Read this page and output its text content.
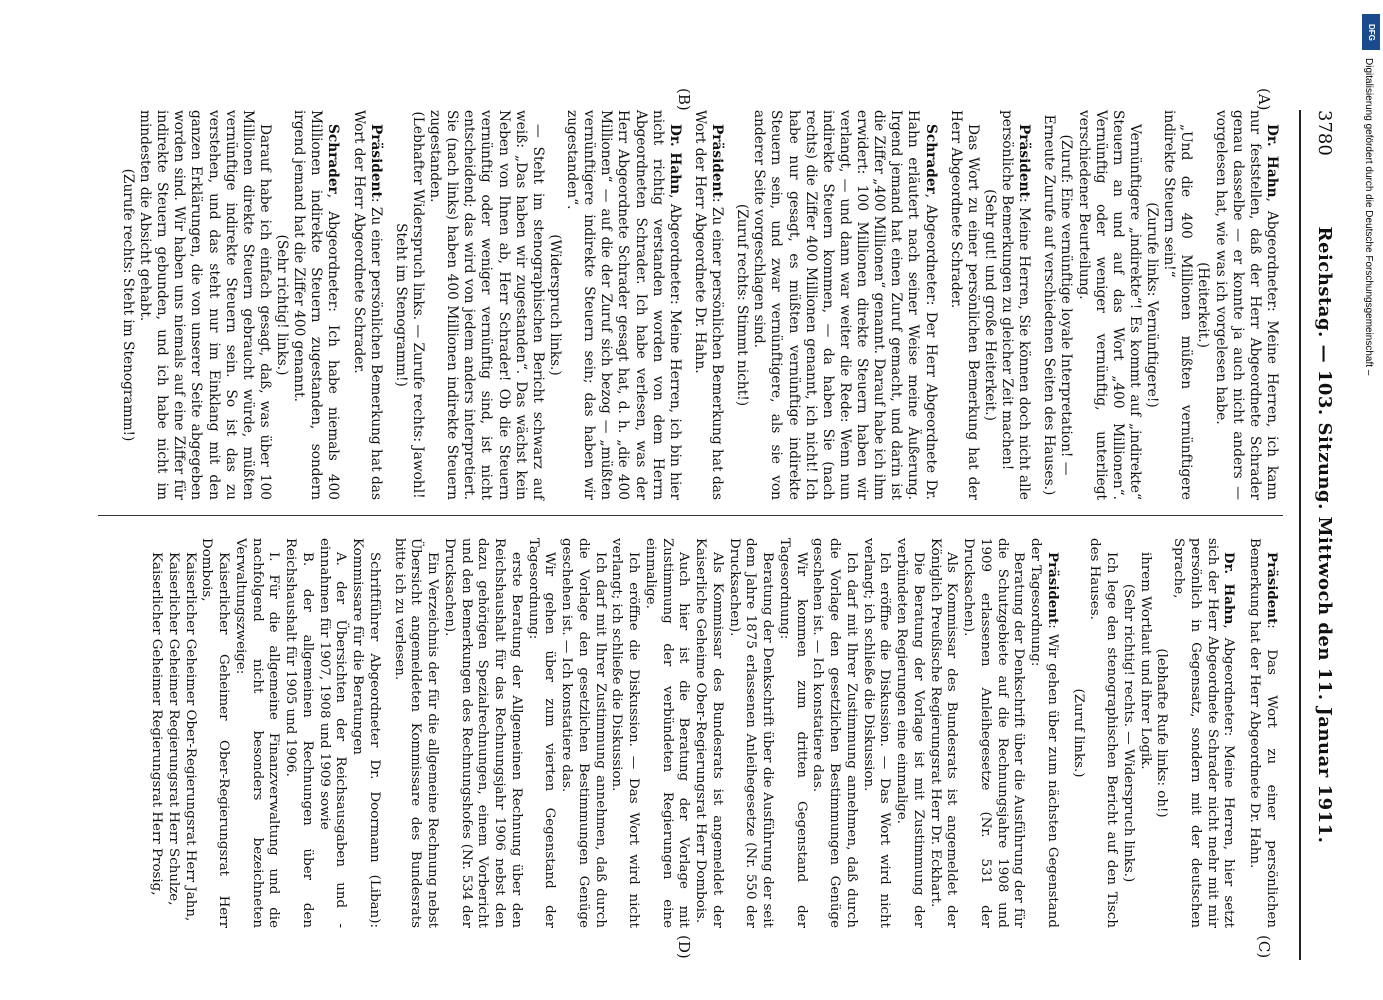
3780
Reichstag. — 103. Sitzung. Mittwoch den 11. Januar 1911.
(A)
(B)
(C)
(D)

Dr. Hahn, Abgeordneter: Meine Herren, ich kann nur feststellen, daß der Herr Abgeordnete Schrader genau dasselbe — er konnte ja auch nicht anders — vorgelesen hat, wie was ich vorgelesen habe.

(Heiterkeit.)

„Und die 400 Millionen müßten vernünftigere indirekte Steuern sein!“

(Zurufe links: Vernünftigere!)

Vernünftigere „indirekte“! Es kommt auf „indirekte“ Steuern an und auf das Wort „400 Millionen“. Vernünftig oder weniger vernünftig, unterliegt verschiedener Beurteilung.

(Zuruf: Eine vernünftige loyale Interpretation! — Erneute Zurufe auf verschiedenen Seiten des Hauses.)

Präsident: Meine Herren, Sie können doch nicht alle persönliche Bemerkungen zu gleicher Zeit machen!

(Sehr gut! und große Heiterkeit.)

Das Wort zu einer persönlichen Bemerkung hat der Herr Abgeordnete Schrader.

Schrader, Abgeordneter: Der Herr Abgeordnete Dr. Hahn erläutert nach seiner Weise meine Äußerung. Irgend jemand hat einen Zuruf gemacht, und darin ist die Ziffer „400 Millionen“ genannt. Darauf habe ich ihm erwidert: 100 Millionen direkte Steuern haben wir verlangt, — und dann war weiter die Rede: Wenn nun indirekte Steuern kommen, — da haben Sie (nach rechts) die Ziffer 400 Millionen genannt, ich nicht! Ich habe nur gesagt, es müßten vernünftige indirekte Steuern sein, und zwar vernünftigere, als sie von anderer Seite vorgeschlagen sind.

(Zuruf rechts: Stimmt nicht!)

Präsident: Zu einer persönlichen Bemerkung hat das Wort der Herr Abgeordnete Dr. Hahn.

Dr. Hahn, Abgeordneter: Meine Herren, ich bin hier nicht richtig verstanden worden von dem Herrn Abgeordneten Schrader. Ich habe verlesen, was der Herr Abgeordnete Schrader gesagt hat, d. h. „die 400 Millionen“ — auf die der Zuruf sich bezog — „müßten vernünftigere indirekte Steuern sein; das haben wir zugestanden“.

(Widerspruch links.)

— Steht im stenographischen Bericht schwarz auf weiß: „Das haben wir zugestanden“. Das wächst kein Neben von Ihnen ab, Herr Schrader! Ob die Steuern vernünftig oder weniger vernünftig sind, ist nicht entscheidend; das wird von jedem anders interpretiert. Sie (nach links) haben 400 Millionen indirekte Steuern zugestanden.

(Lebhafter Widerspruch links. — Zurufe rechts: Jawohl! Steht im Stenogramm!)

Präsident: Zu einer persönlichen Bemerkung hat das Wort der Herr Abgeordnete Schrader.

Schrader, Abgeordneter: Ich habe niemals 400 Millionen indirekte Steuern zugestanden, sondern irgend jemand hat die Ziffer 400 genannt.

(Sehr richtig! links.)

Darauf habe ich einfach gesagt, daß, was über 100 Millionen direkte Steuern gebraucht würde, müßten vernünftige indirekte Steuern sein. So ist das zu verstehen, und das steht nur im Einklang mit den ganzen Erklärungen, die von unserer Seite abgegeben worden sind. Wir haben uns niemals auf eine Ziffer für indirekte Steuern gebunden, und ich habe nicht im mindesten die Absicht gehabt.

(Zurufe rechts: Steht im Stenogramm!)

Präsident: Das Wort zu einer persönlichen Bemerkung hat der Herr Abgeordnete Dr. Hahn.

Dr. Hahn, Abgeordneter: Meine Herren, hier setzt sich der Herr Abgeordnete Schrader nicht mehr mit mir persönlich in Gegensatz, sondern mit der deutschen Sprache,

(lebhafte Rufe links: oh!)

ihrem Wortlaut und ihrer Logik.

(Sehr richtig! rechts. — Widerspruch links.)

Ich lege den stenographischen Bericht auf den Tisch des Hauses.

(Zuruf links.)

Präsident: Wir gehen über zum nächsten Gegenstand der Tagesordnung:

Beratung der Denkschrift über die Ausführung der für die Schutzgebiete auf die Rechnungsjahre 1908 und 1909 erlassenen Anleihegesetze (Nr. 531 der Drucksachen).

Als Kommissar des Bundesrats ist angemeldet der Königlich Preußische Regierungsrat Herr Dr. Eckhart.

Die Beratung der Vorlage ist mit Zustimmung der verbündeten Regierungen eine einmalige.

Ich eröffne die Diskussion. — Das Wort wird nicht verlangt; ich schließe die Diskussion.

Ich darf mit Ihrer Zustimmung annehmen, daß durch die Vorlage den gesetzlichen Bestimmungen Genüge geschehen ist. — Ich konstatiere das.

Wir kommen zum dritten Gegenstand der Tagesordnung:

Beratung der Denkschrift über die Ausführung der seit dem Jahre 1875 erlassenen Anleihegesetze (Nr. 550 der Drucksachen).

Als Kommissar des Bundesrats ist angemeldet der Kaiserliche Geheime Ober-Regierungsrat Herr Dombois.

Auch hier ist die Beratung der Vorlage mit Zustimmung der verbündeten Regierungen eine einmalige.

Ich eröffne die Diskussion. — Das Wort wird nicht verlangt; ich schließe die Diskussion.

Ich darf mit Ihrer Zustimmung annehmen, daß durch die Vorlage den gesetzlichen Bestimmungen Genüge geschehen ist. — Ich konstatiere das.

Wir gehen über zum vierten Gegenstand der Tagesordnung:

erste Beratung der Allgemeinen Rechnung über den Reichshaushalt für das Rechnungsjahr 1906 nebst den dazu gehörigen Spezialrechnungen, einem Vorbericht und den Bemerkungen des Rechnungshofes (Nr. 534 der Drucksachen).

Ein Verzeichnis der für die allgemeine Rechnung nebst Übersicht angemeldeten Kommissare des Bundesrats bitte ich zu verlesen.

Schriftführer Abgeordneter Dr. Doormann (Liban): Kommissare für die Beratungen

A. der Übersichten der Reichsausgaben und -einnahmen für 1907, 1908 und 1909 sowie

B. der allgemeinen Rechnungen über den Reichshaushalt für 1905 und 1906.

I. Für die allgemeine Finanzverwaltung und die nachfolgend nicht besonders bezeichneten Verwaltungszweige:

Kaiserlicher Geheimer Ober-Regierungsrat Herr Dombois,

Kaiserlicher Geheimer Ober-Regierungsrat Herr Jahn,

Kaiserlicher Geheimer Regierungsrat Herr Schulze,

Kaiserlicher Geheimer Regierungsrat Herr Prosig,

DFG
Digitalisierung gefördert durch die Deutsche Forschungsgemeinschaft –
